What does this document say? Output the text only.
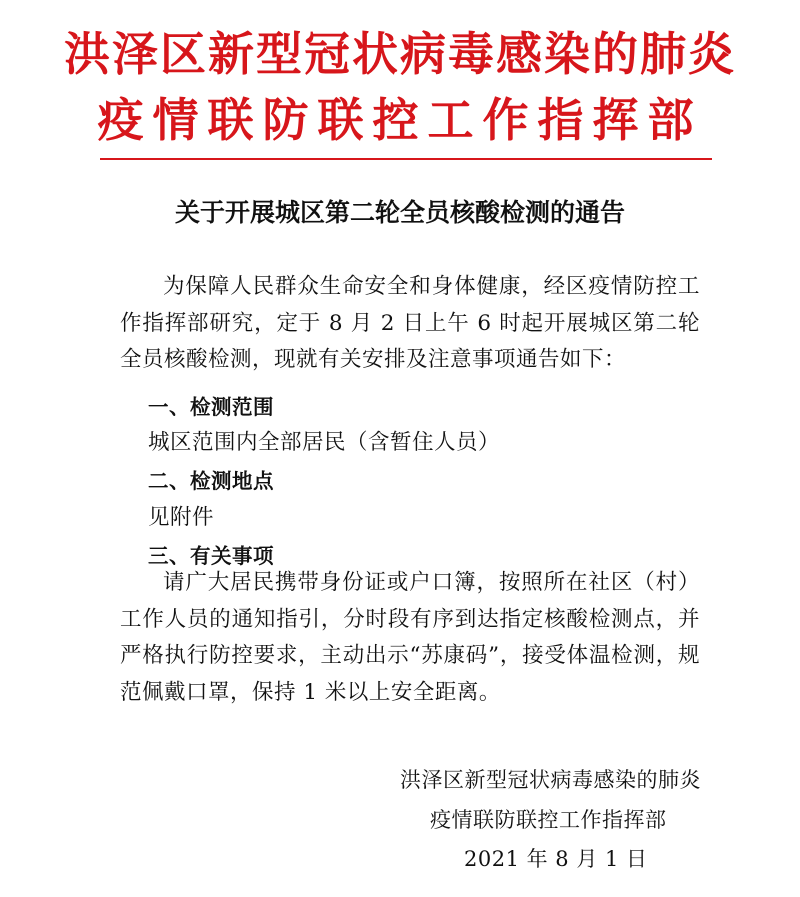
洪泽区新型冠状病毒感染的肺炎
疫情联防联控工作指挥部
关于开展城区第二轮全员核酸检测的通告
为保障人民群众生命安全和身体健康，经区疫情防控工作指挥部研究，定于 8 月 2 日上午 6 时起开展城区第二轮全员核酸检测，现就有关安排及注意事项通告如下：
一、检测范围
城区范围内全部居民（含暂住人员）
二、检测地点
见附件
三、有关事项
请广大居民携带身份证或户口簿，按照所在社区（村）工作人员的通知指引，分时段有序到达指定核酸检测点，并严格执行防控要求，主动出示“苏康码”，接受体温检测，规范佩戴口罩，保持 1 米以上安全距离。
洪泽区新型冠状病毒感染的肺炎
疫情联防联控工作指挥部
2021 年 8 月 1 日
